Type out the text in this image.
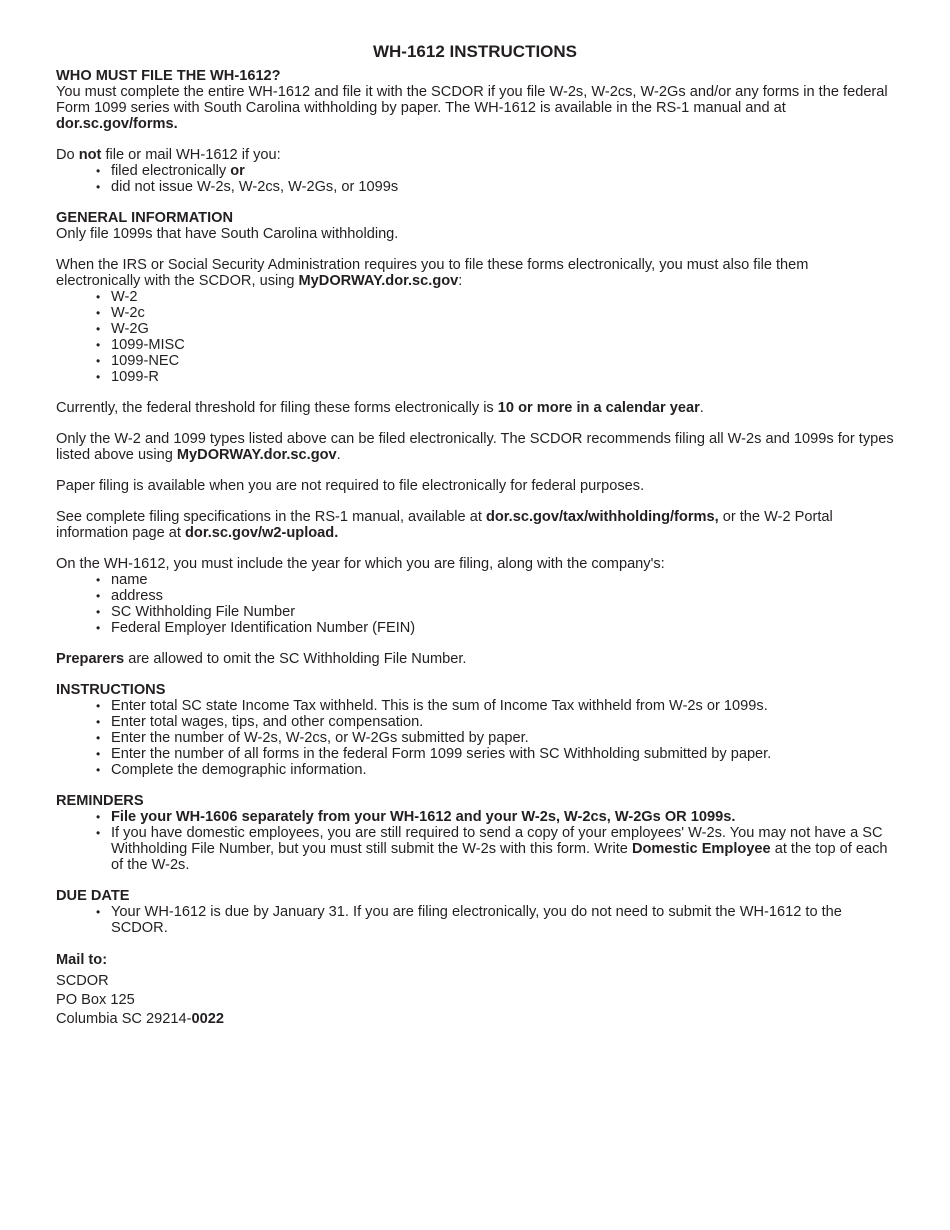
WH-1612 INSTRUCTIONS
WHO MUST FILE THE WH-1612?

You must complete the entire WH-1612 and file it with the SCDOR if you file W-2s, W-2cs, W-2Gs and/or any forms in the federal Form 1099 series with South Carolina withholding by paper. The WH-1612 is available in the RS-1 manual and at dor.sc.gov/forms.

Do not file or mail WH-1612 if you:

• filed electronically or
• did not issue W-2s, W-2cs, W-2Gs, or 1099s
GENERAL INFORMATION

Only file 1099s that have South Carolina withholding.

When the IRS or Social Security Administration requires you to file these forms electronically, you must also file them electronically with the SCDOR, using MyDORWAY.dor.sc.gov:

• W-2
• W-2c
• W-2G
• 1099-MISC
• 1099-NEC
• 1099-R

Currently, the federal threshold for filing these forms electronically is 10 or more in a calendar year.

Only the W-2 and 1099 types listed above can be filed electronically. The SCDOR recommends filing all W-2s and 1099s for types listed above using MyDORWAY.dor.sc.gov.

Paper filing is available when you are not required to file electronically for federal purposes.

See complete filing specifications in the RS-1 manual, available at dor.sc.gov/tax/withholding/forms, or the W-2 Portal information page at dor.sc.gov/w2-upload.

On the WH-1612, you must include the year for which you are filing, along with the company's:

• name
• address
• SC Withholding File Number
• Federal Employer Identification Number (FEIN)

Preparers are allowed to omit the SC Withholding File Number.

INSTRUCTIONS
• Enter total SC state Income Tax withheld. This is the sum of Income Tax withheld from W-2s or 1099s.
• Enter total wages, tips, and other compensation.
• Enter the number of W-2s, W-2cs, or W-2Gs submitted by paper.
• Enter the number of all forms in the federal Form 1099 series with SC Withholding submitted by paper.
• Complete the demographic information.
REMINDERS
• File your WH-1606 separately from your WH-1612 and your W-2s, W-2cs, W-2Gs OR 1099s.
• If you have domestic employees, you are still required to send a copy of your employees' W-2s. You may not have a SC Withholding File Number, but you must still submit the W-2s with this form. Write Domestic Employee at the top of each of the W-2s.
DUE DATE
• Your WH-1612 is due by January 31. If you are filing electronically, you do not need to submit the WH-1612 to the SCDOR.

Mail to:

SCDOR

PO Box 125

Columbia SC 29214-0022
